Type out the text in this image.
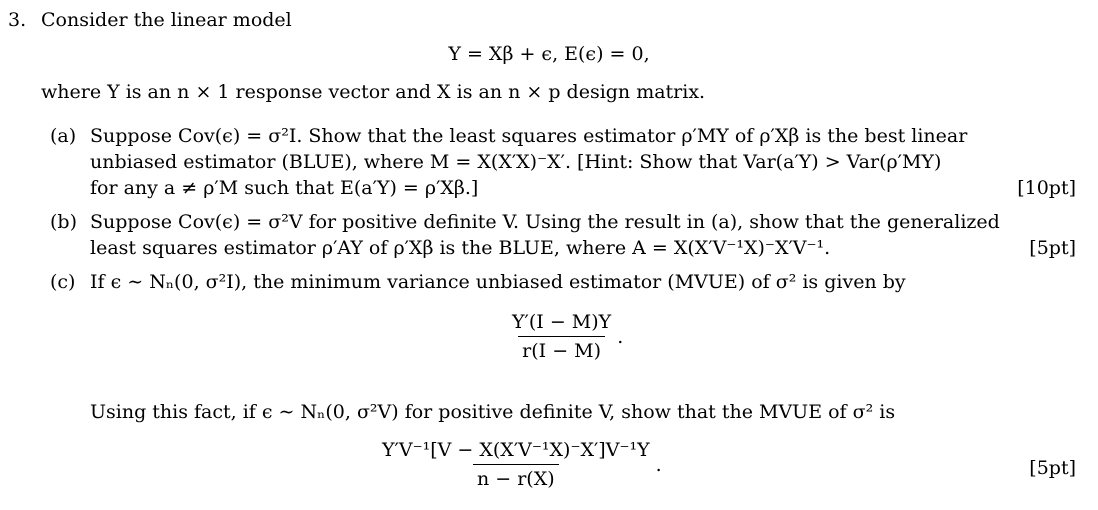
3. Consider the linear model
Y = Xβ + ϵ, E(ϵ) = 0,
where Y is an n × 1 response vector and X is an n × p design matrix.
(a) Suppose Cov(ϵ) = σ²I. Show that the least squares estimator ρ′MY of ρ′Xβ is the best linear
unbiased estimator (BLUE), where M = X(X′X)⁻X′. [Hint: Show that Var(a′Y) > Var(ρ′MY)
for any a ≠ ρ′M such that E(a′Y) = ρ′Xβ.]	[10pt]
(b) Suppose Cov(ϵ) = σ²V for positive definite V. Using the result in (a), show that the generalized
least squares estimator ρ′AY of ρ′Xβ is the BLUE, where A = X(X′V⁻¹X)⁻X′V⁻¹.	[5pt]
(c) If ϵ ∼ Nₙ(0, σ²I), the minimum variance unbiased estimator (MVUE) of σ² is given by
$\frac{Y'(I - M)Y}{r(I - M)}$ .
Using this fact, if ϵ ∼ Nₙ(0, σ²V) for positive definite V, show that the MVUE of σ² is
$\frac{\text{Y′V⁻¹[V − X(X′V⁻¹X)⁻X′]V⁻¹Y}}{n - r(X)}$ .	[5pt]
